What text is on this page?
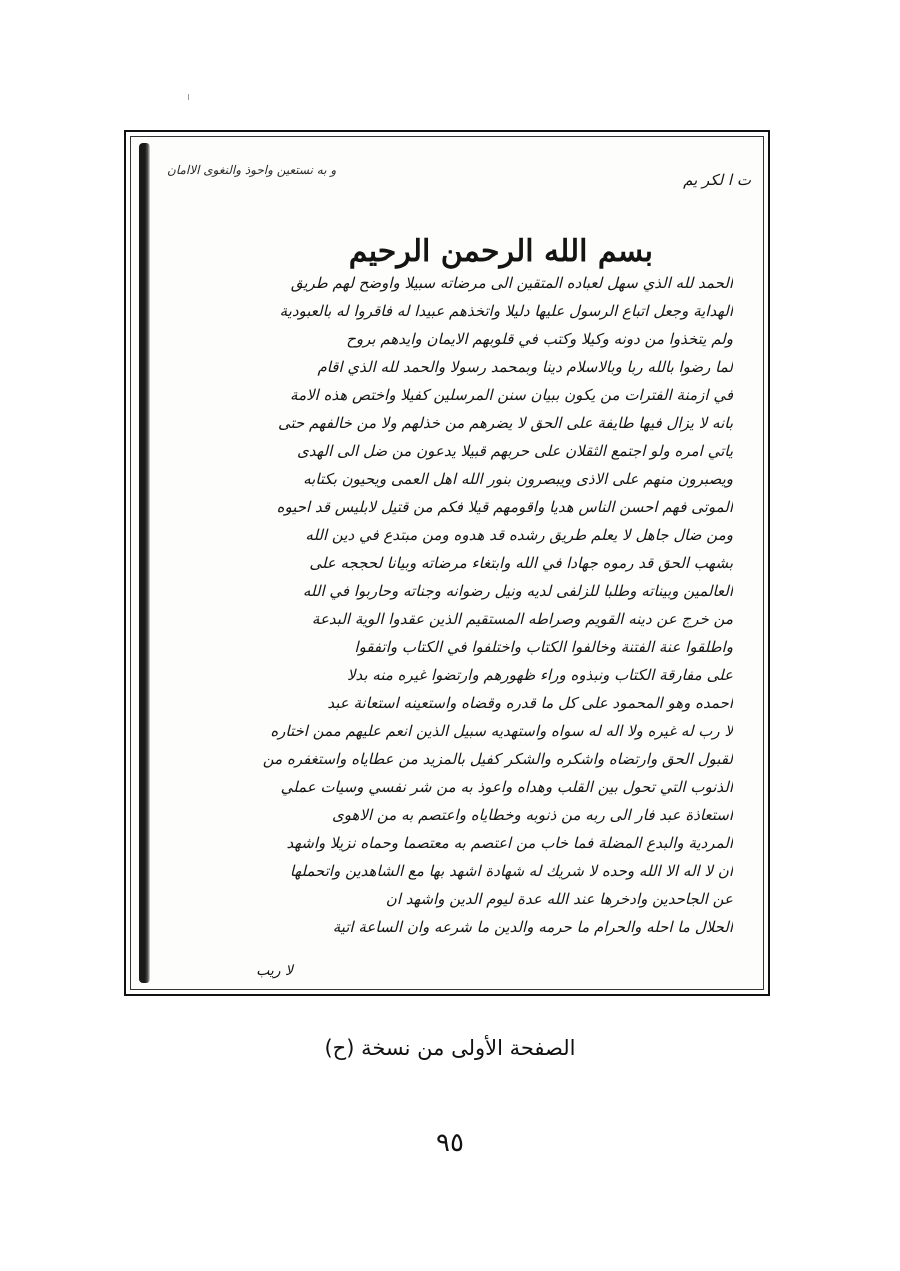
ت ا لكر يم
و به نستعين واحوذ والنغوى الاامان
بسم الله الرحمن الرحيم
الحمد لله الذي سهل لعباده المتقين الى مرضاته سبيلا واوضح لهم طريق
الهداية وجعل اتباع الرسول عليها دليلا واتخذهم عبيدا له فاقروا له بالعبودية
ولم يتخذوا من دونه وكيلا وكتب في قلوبهم الايمان وايدهم بروح
لما رضوا بالله ربا وبالاسلام دينا وبمحمد رسولا والحمد لله الذي اقام
في ازمنة الفترات من يكون ببيان سنن المرسلين كفيلا واختص هذه الامة
بانه لا يزال فيها طايفة على الحق لا يضرهم من خذلهم ولا من خالفهم حتى
ياتي امره ولو اجتمع الثقلان على حربهم قبيلا يدعون من ضل الى الهدى
ويصبرون منهم على الاذى ويبصرون بنور الله اهل العمى ويحيون بكتابه
الموتى فهم احسن الناس هديا واقومهم قيلا فكم من قتيل لابليس قد احيوه
ومن ضال جاهل لا يعلم طريق رشده قد هدوه ومن مبتدع في دين الله
بشهب الحق قد رموه جهادا في الله وابتغاء مرضاته وبيانا لحججه على
العالمين وبيناته وطلبا للزلفى لديه ونيل رضوانه وجناته وحاربوا في الله
من خرج عن دينه القويم وصراطه المستقيم الذين عقدوا الوية البدعة
واطلقوا عنة الفتنة وخالفوا الكتاب واختلفوا في الكتاب واتفقوا
على مفارقة الكتاب ونبذوه وراء ظهورهم وارتضوا غيره منه بدلا
احمده وهو المحمود على كل ما قدره وقضاه واستعينه استعانة عبد
لا رب له غيره ولا اله له سواه واستهديه سبيل الذين انعم عليهم ممن اختاره
لقبول الحق وارتضاه واشكره والشكر كفيل بالمزيد من عطاياه واستغفره من
الذنوب التي تحول بين القلب وهداه واعوذ به من شر نفسي وسيات عملي
استعاذة عبد فار الى ربه من ذنوبه وخطاياه واعتصم به من الاهوى
المردية والبدع المضلة فما خاب من اعتصم به معتصما وحماه نزيلا واشهد
ان لا اله الا الله وحده لا شريك له شهادة اشهد بها مع الشاهدين واتحملها
عن الجاحدين وادخرها عند الله عدة ليوم الدين واشهد ان
الحلال ما احله والحرام ما حرمه والدين ما شرعه وان الساعة اتية
لا ريب
الصفحة الأولى من نسخة (ح)
٩٥
